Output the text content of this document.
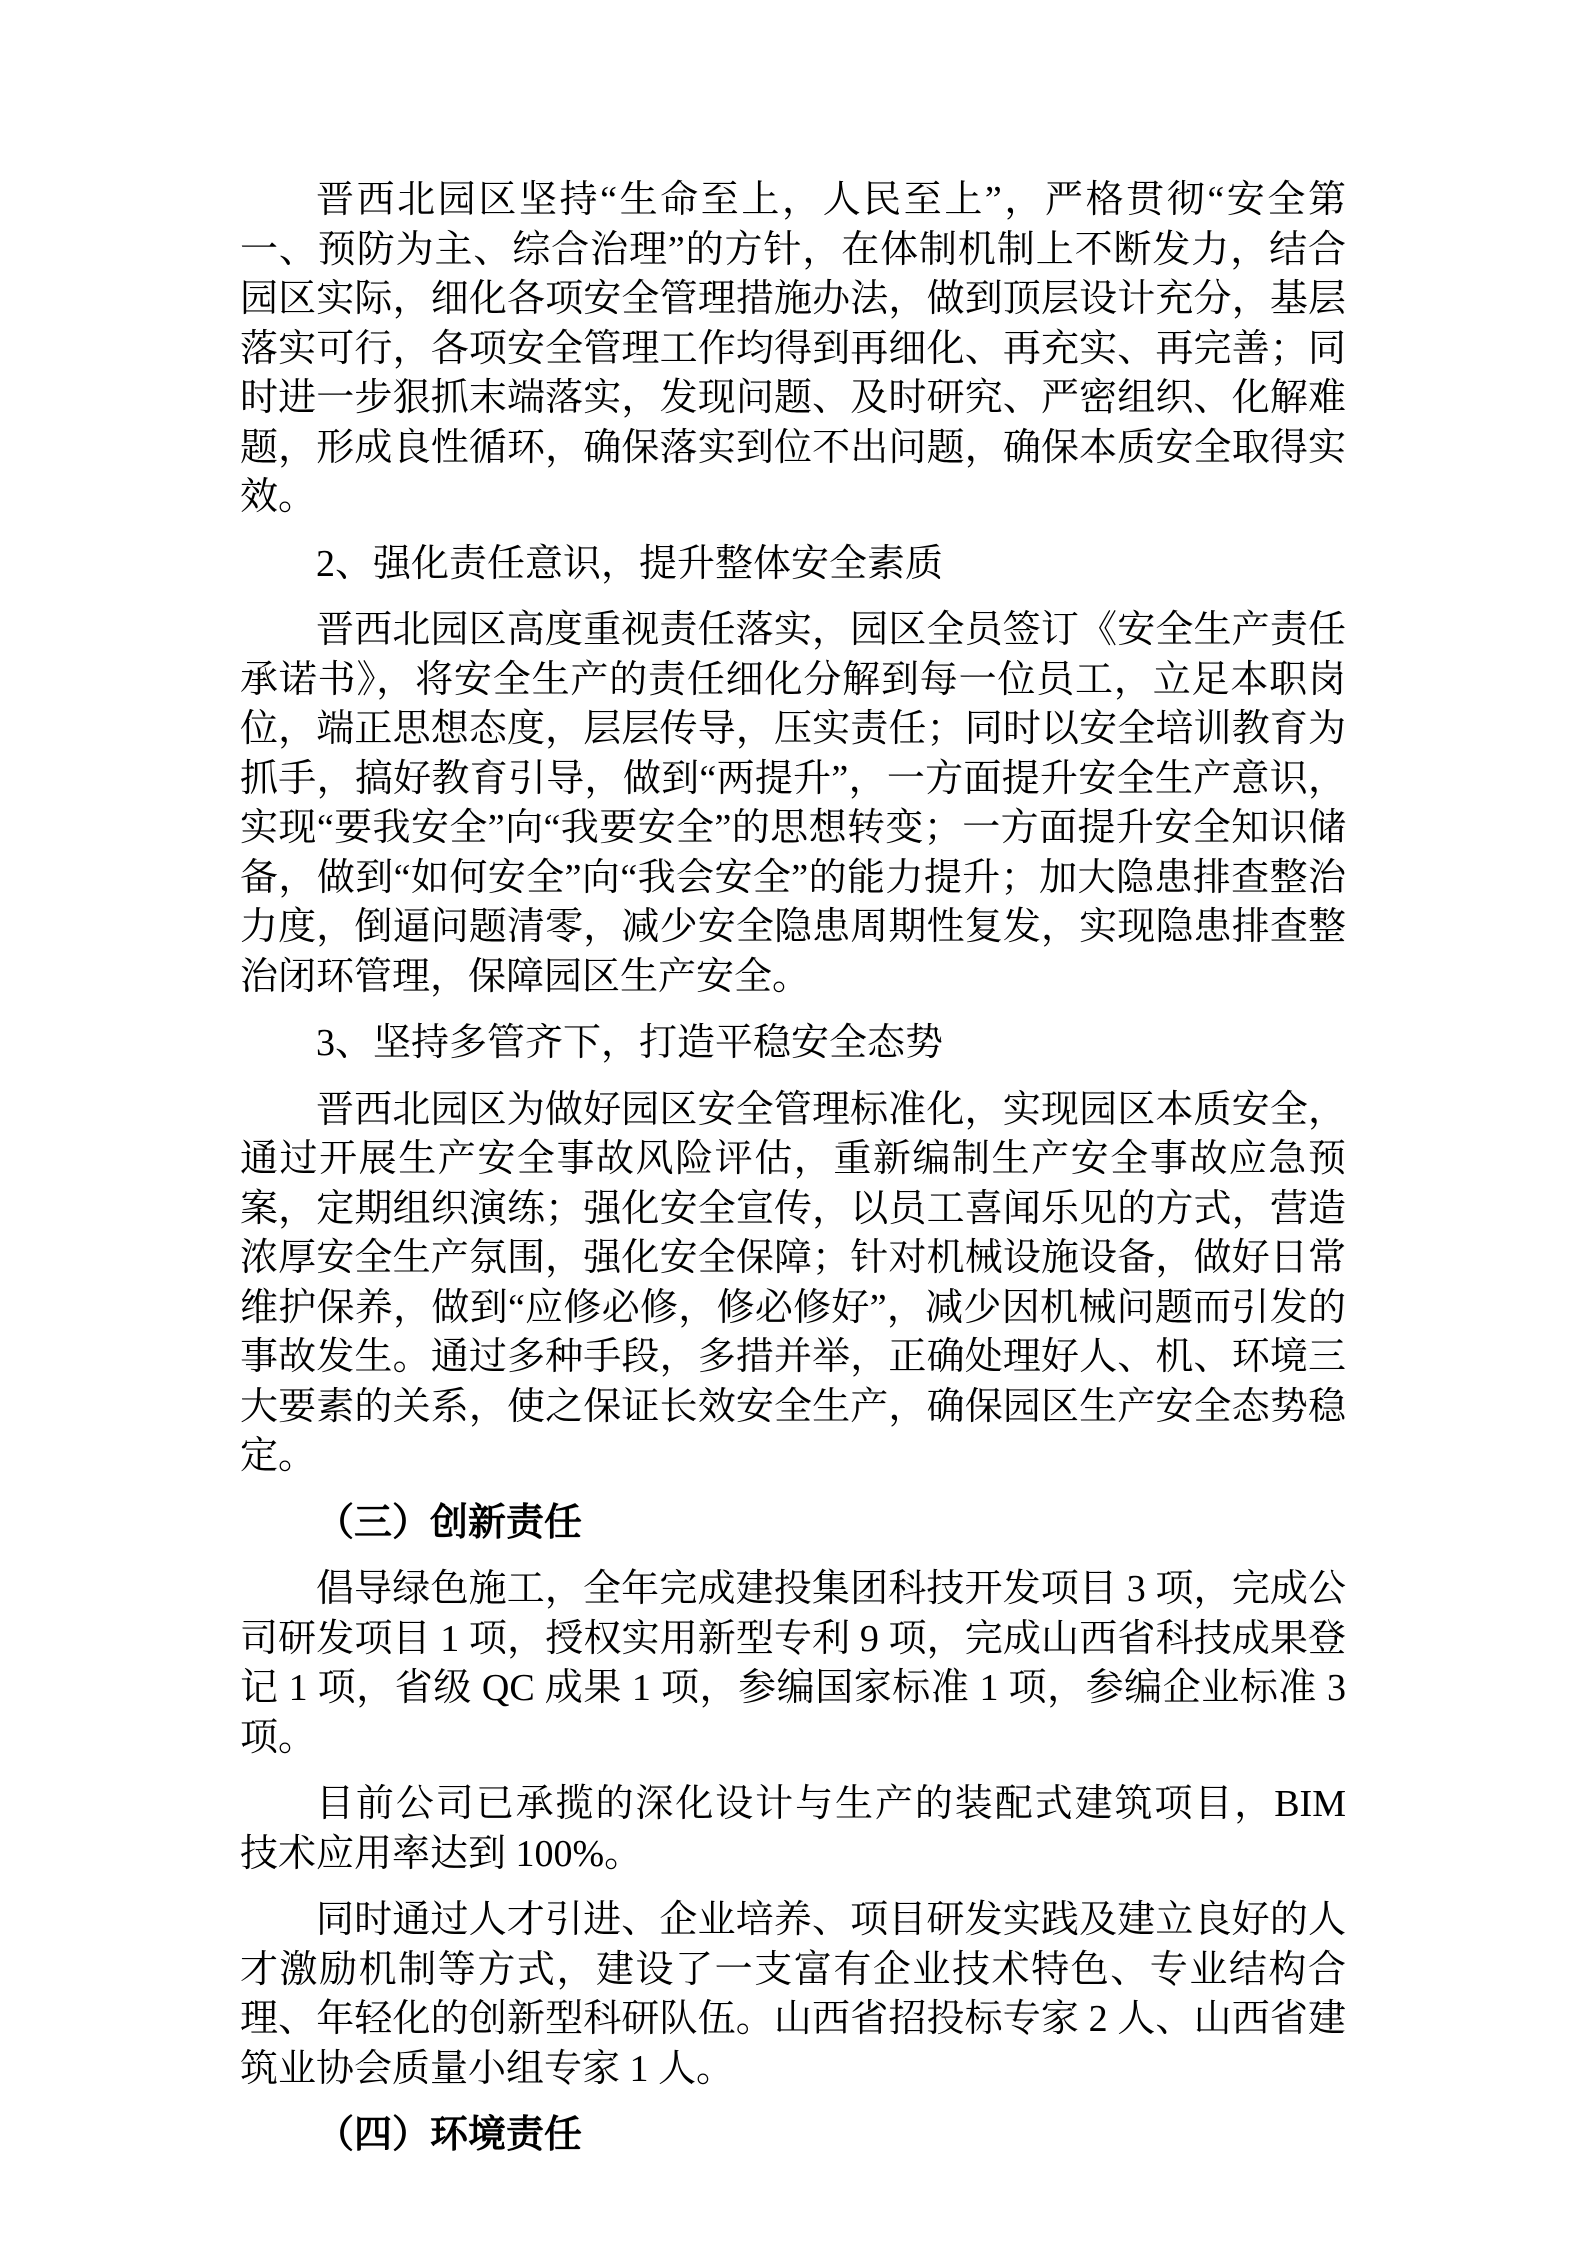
晋西北园区坚持“生命至上，人民至上”，严格贯彻“安全第一、预防为主、综合治理”的方针，在体制机制上不断发力，结合园区实际，细化各项安全管理措施办法，做到顶层设计充分，基层落实可行，各项安全管理工作均得到再细化、再充实、再完善；同时进一步狠抓末端落实，发现问题、及时研究、严密组织、化解难题，形成良性循环，确保落实到位不出问题，确保本质安全取得实效。

2、强化责任意识，提升整体安全素质

晋西北园区高度重视责任落实，园区全员签订《安全生产责任承诺书》，将安全生产的责任细化分解到每一位员工，立足本职岗位，端正思想态度，层层传导，压实责任；同时以安全培训教育为抓手，搞好教育引导，做到“两提升”，一方面提升安全生产意识，实现“要我安全”向“我要安全”的思想转变；一方面提升安全知识储备，做到“如何安全”向“我会安全”的能力提升；加大隐患排查整治力度，倒逼问题清零，减少安全隐患周期性复发，实现隐患排查整治闭环管理，保障园区生产安全。

3、坚持多管齐下，打造平稳安全态势

晋西北园区为做好园区安全管理标准化，实现园区本质安全，通过开展生产安全事故风险评估，重新编制生产安全事故应急预案，定期组织演练；强化安全宣传，以员工喜闻乐见的方式，营造浓厚安全生产氛围，强化安全保障；针对机械设施设备，做好日常维护保养，做到“应修必修，修必修好”，减少因机械问题而引发的事故发生。通过多种手段，多措并举，正确处理好人、机、环境三大要素的关系，使之保证长效安全生产，确保园区生产安全态势稳定。

（三）创新责任

倡导绿色施工，全年完成建投集团科技开发项目 3 项，完成公司研发项目 1 项，授权实用新型专利 9 项，完成山西省科技成果登记 1 项，省级 QC 成果 1 项，参编国家标准 1 项，参编企业标准 3 项。

目前公司已承揽的深化设计与生产的装配式建筑项目，BIM 技术应用率达到 100%。

同时通过人才引进、企业培养、项目研发实践及建立良好的人才激励机制等方式，建设了一支富有企业技术特色、专业结构合理、年轻化的创新型科研队伍。山西省招投标专家 2 人、山西省建筑业协会质量小组专家 1 人。

（四）环境责任
